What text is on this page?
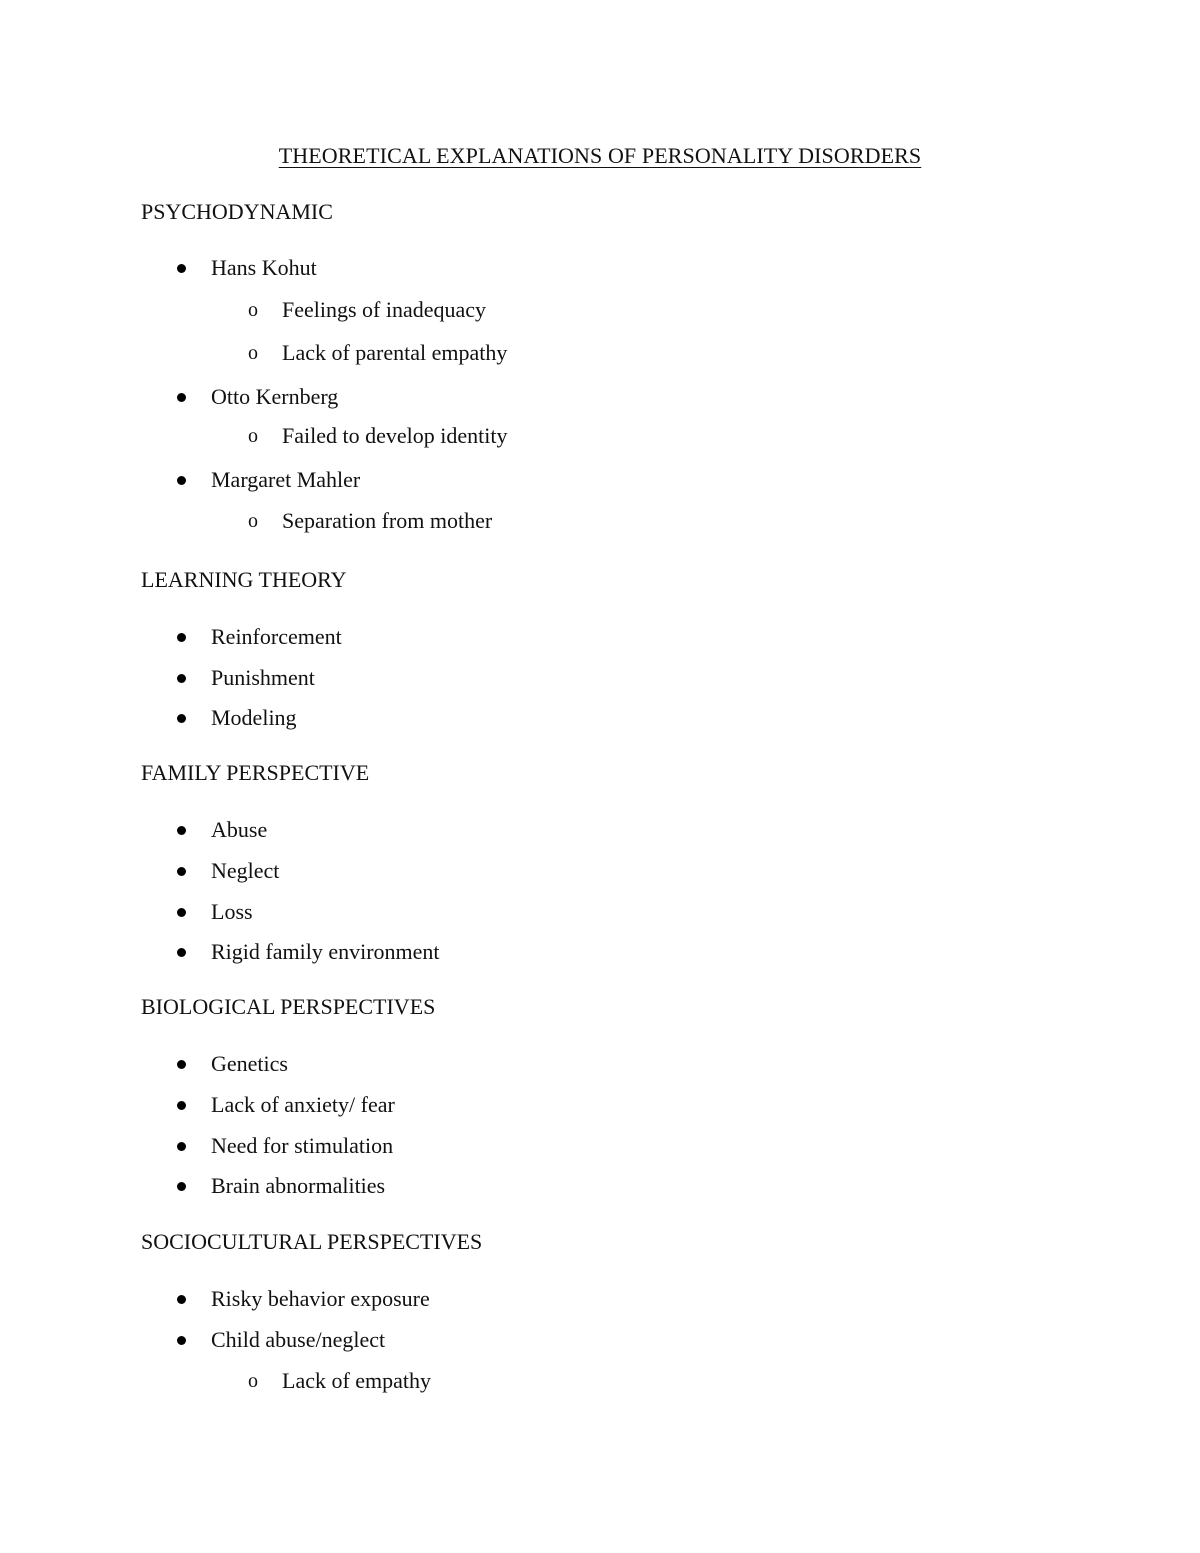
THEORETICAL EXPLANATIONS OF PERSONALITY DISORDERS
PSYCHODYNAMIC
Hans Kohut
o Feelings of inadequacy
o Lack of parental empathy
Otto Kernberg
o Failed to develop identity
Margaret Mahler
o Separation from mother
LEARNING THEORY
Reinforcement
Punishment
Modeling
FAMILY PERSPECTIVE
Abuse
Neglect
Loss
Rigid family environment
BIOLOGICAL PERSPECTIVES
Genetics
Lack of anxiety/ fear
Need for stimulation
Brain abnormalities
SOCIOCULTURAL PERSPECTIVES
Risky behavior exposure
Child abuse/neglect
o Lack of empathy
